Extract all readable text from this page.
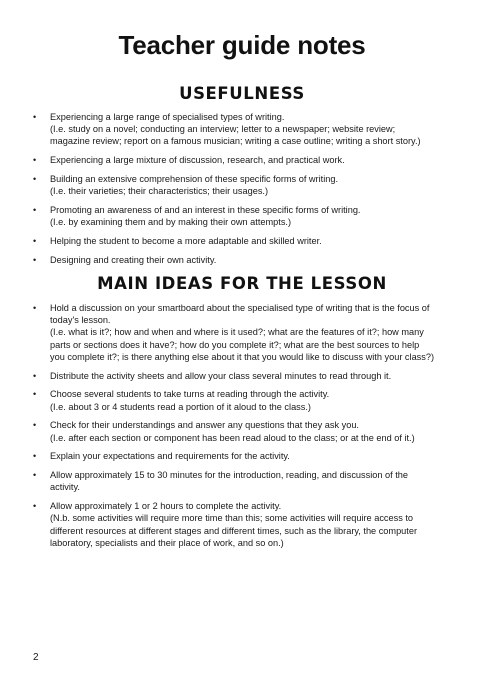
Teacher guide notes
USEFULNESS
• Experiencing a large range of specialised types of writing.
(I.e. study on a novel; conducting an interview; letter to a newspaper; website review;
magazine review; report on a famous musician; writing a case outline; writing a short story.)
• Experiencing a large mixture of discussion, research, and practical work.
• Building an extensive comprehension of these specific forms of writing.
(I.e. their varieties; their characteristics; their usages.)
• Promoting an awareness of and an interest in these specific forms of writing.
(I.e. by examining them and by making their own attempts.)
• Helping the student to become a more adaptable and skilled writer.
• Designing and creating their own activity.
MAIN IDEAS FOR THE LESSON
• Hold a discussion on your smartboard about the specialised type of writing that is the focus of
today's lesson.
(I.e. what is it?; how and when and where is it used?; what are the features of it?; how many
parts or sections does it have?; how do you complete it?; what are the best sources to help
you complete it?; is there anything else about it that you would like to discuss with your class?)
• Distribute the activity sheets and allow your class several minutes to read through it.
• Choose several students to take turns at reading through the activity.
(I.e. about 3 or 4 students read a portion of it aloud to the class.)
• Check for their understandings and answer any questions that they ask you.
(I.e. after each section or component has been read aloud to the class; or at the end of it.)
• Explain your expectations and requirements for the activity.
• Allow approximately 15 to 30 minutes for the introduction, reading, and discussion of the
activity.
• Allow approximately 1 or 2 hours to complete the activity.
(N.b. some activities will require more time than this; some activities will require access to
different resources at different stages and different times, such as the library, the computer
laboratory, specialists and their place of work, and so on.)
2
